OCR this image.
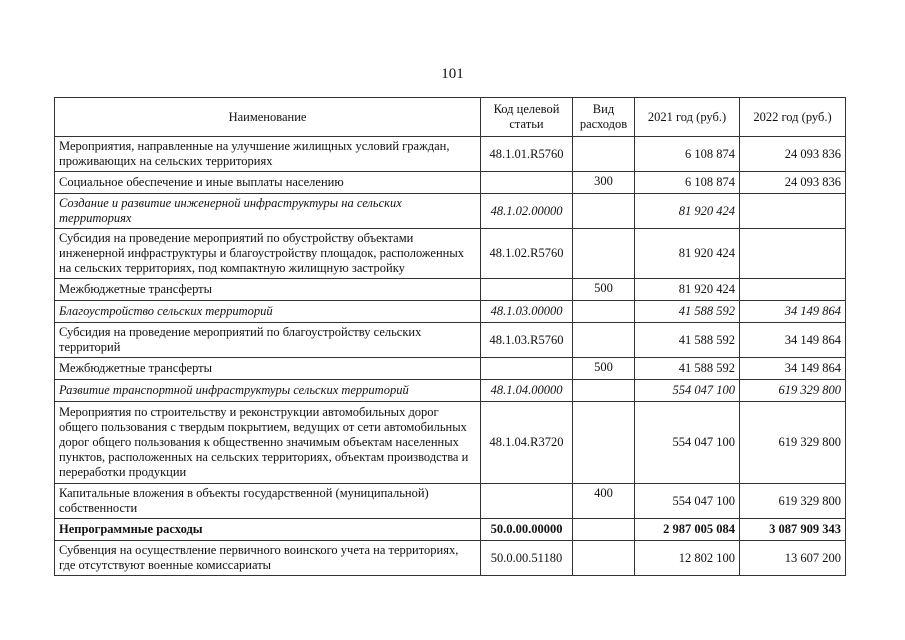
101
Наименование	Код целевой статьи	Вид расходов	2021 год (руб.)	2022 год (руб.)
Мероприятия, направленные на улучшение жилищных условий граждан, проживающих на сельских территориях	48.1.01.R5760		6 108 874	24 093 836
Социальное обеспечение и иные выплаты населению		300	6 108 874	24 093 836
Создание и развитие инженерной инфраструктуры на сельских территориях	48.1.02.00000		81 920 424	
Субсидия на проведение мероприятий по обустройству объектами инженерной инфраструктуры и благоустройству площадок, расположенных на сельских территориях, под компактную жилищную застройку	48.1.02.R5760		81 920 424	
Межбюджетные трансферты		500	81 920 424	
Благоустройство сельских территорий	48.1.03.00000		41 588 592	34 149 864
Субсидия на проведение мероприятий по благоустройству сельских территорий	48.1.03.R5760		41 588 592	34 149 864
Межбюджетные трансферты		500	41 588 592	34 149 864
Развитие транспортной инфраструктуры сельских территорий	48.1.04.00000		554 047 100	619 329 800
Мероприятия по строительству и реконструкции автомобильных дорог общего пользования с твердым покрытием, ведущих от сети автомобильных дорог общего пользования к общественно значимым объектам населенных пунктов, расположенных на сельских территориях, объектам производства и переработки продукции	48.1.04.R3720		554 047 100	619 329 800
Капитальные вложения в объекты государственной (муниципальной) собственности		400	554 047 100	619 329 800
Непрограммные расходы	50.0.00.00000		2 987 005 084	3 087 909 343
Субвенция на осуществление первичного воинского учета на территориях, где отсутствуют военные комиссариаты	50.0.00.51180		12 802 100	13 607 200
